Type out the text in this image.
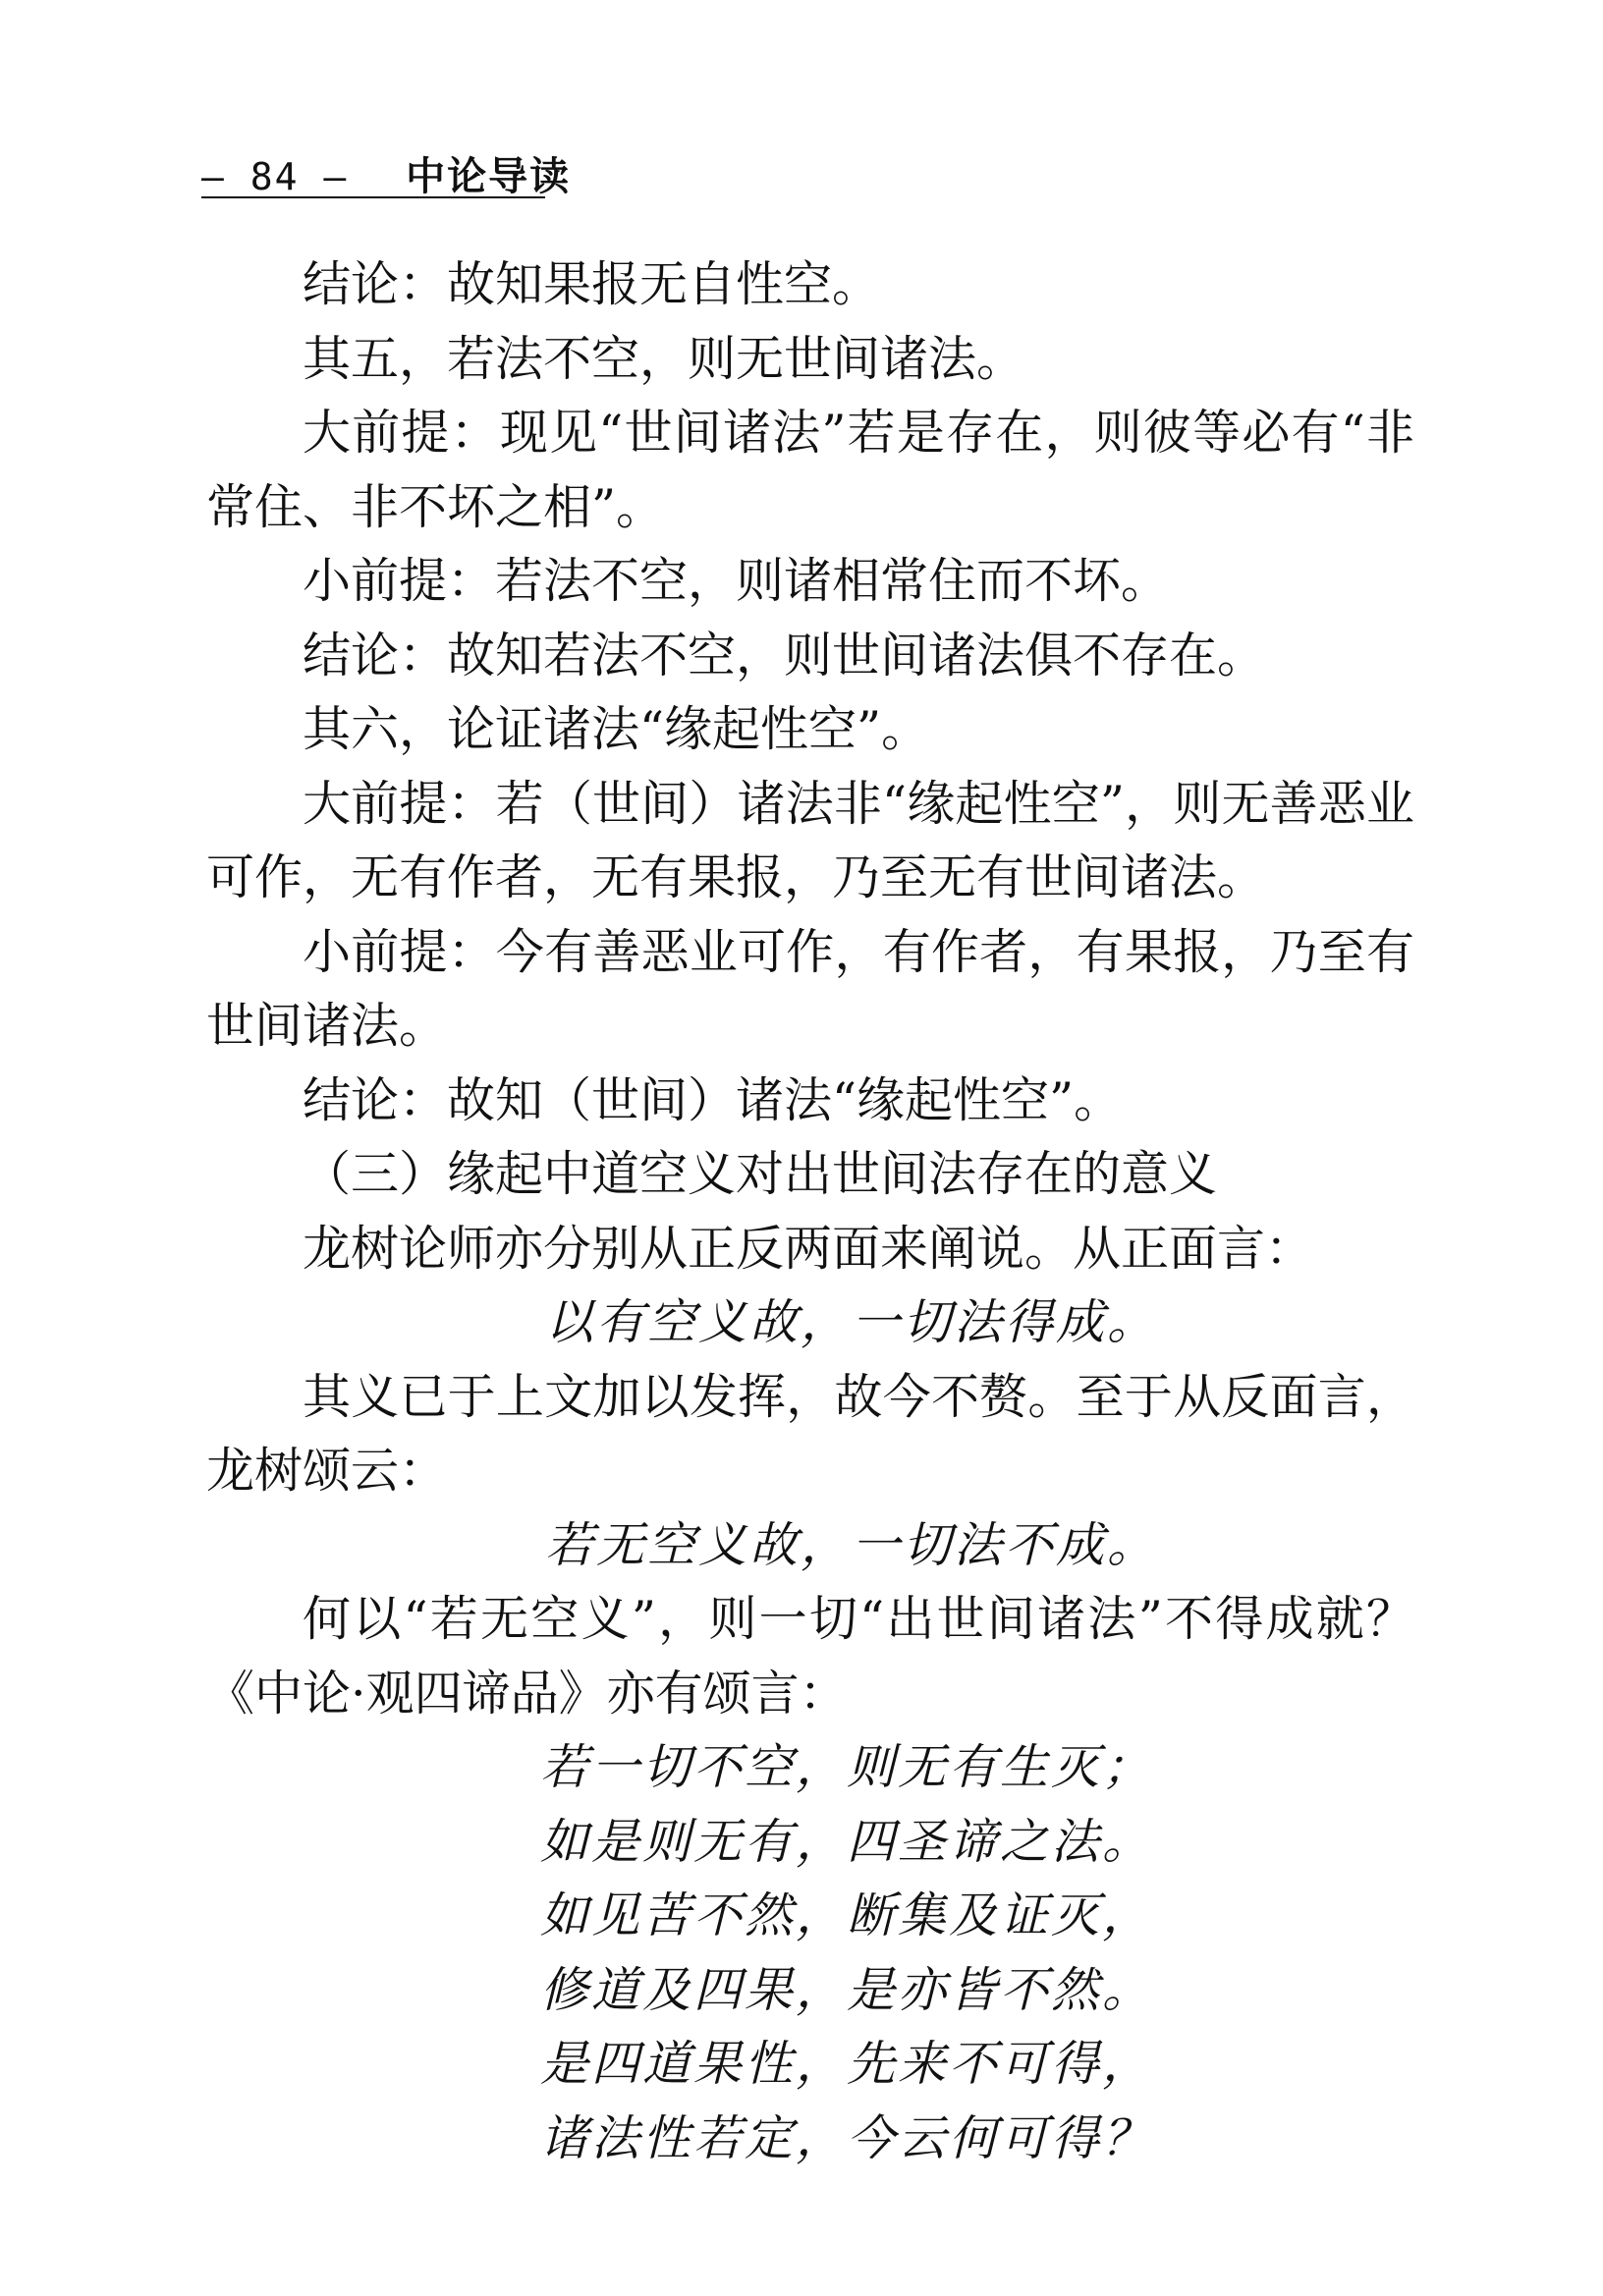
— 84 — 中论导读

结论：故知果报无自性空。

其五，若法不空，则无世间诸法。

大前提：现见“世间诸法”若是存在，则彼等必有“非常住、非不坏之相”。

小前提：若法不空，则诸相常住而不坏。

结论：故知若法不空，则世间诸法俱不存在。

其六，论证诸法“缘起性空”。

大前提：若（世间）诸法非“缘起性空”，则无善恶业可作，无有作者，无有果报，乃至无有世间诸法。

小前提：今有善恶业可作，有作者，有果报，乃至有世间诸法。

结论：故知（世间）诸法“缘起性空”。

（三）缘起中道空义对出世间法存在的意义

龙树论师亦分别从正反两面来阐说。从正面言：

以有空义故，一切法得成。

其义已于上文加以发挥，故今不赘。至于从反面言，龙树颂云：

若无空义故，一切法不成。

何以“若无空义”，则一切“出世间诸法”不得成就？《中论·观四谛品》亦有颂言：

若一切不空，则无有生灭；

如是则无有，四圣谛之法。

如见苦不然，断集及证灭，

修道及四果，是亦皆不然。

是四道果性，先来不可得，

诸法性若定，今云何可得？
